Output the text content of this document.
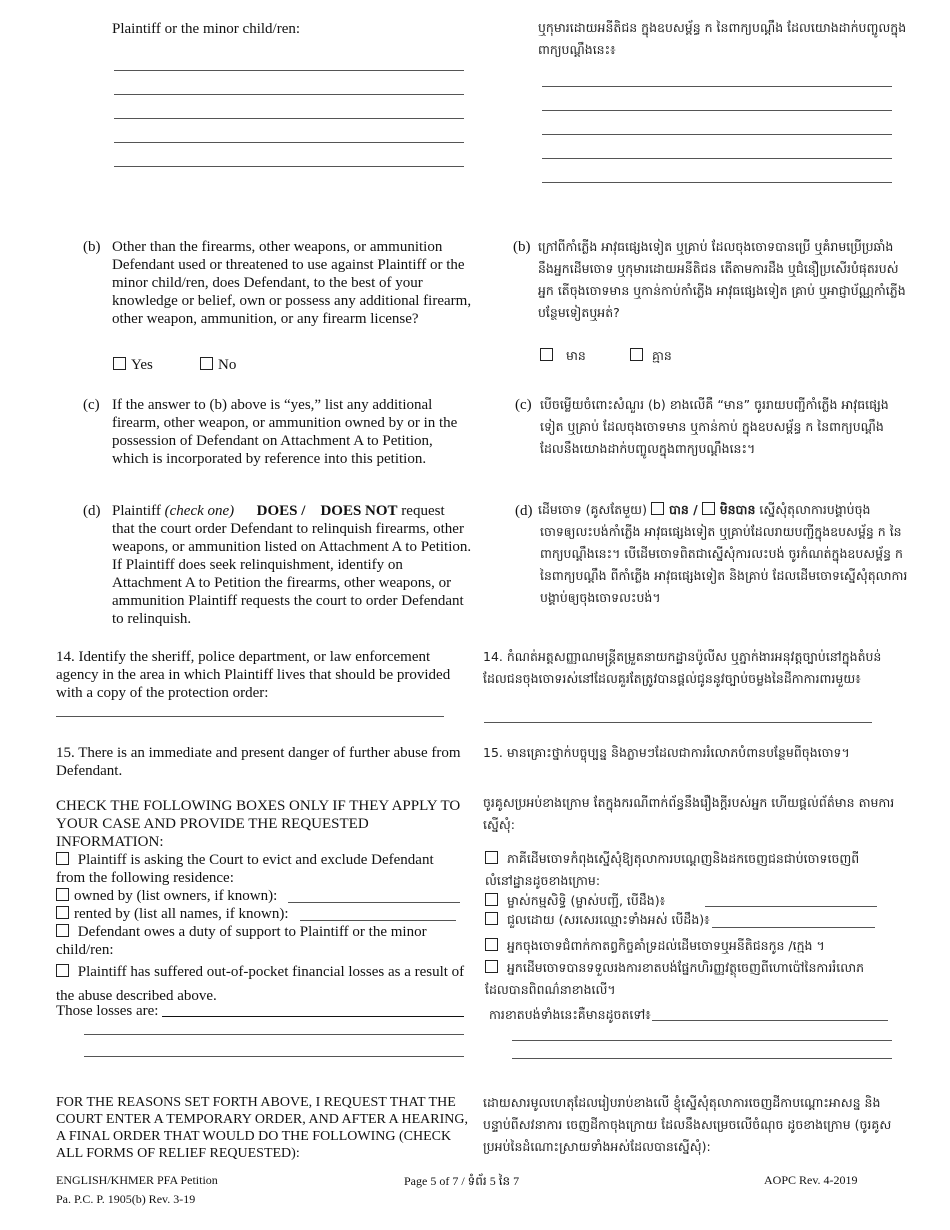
Plaintiff or the minor child/ren:	ឬកុមារដោយអនីតិជន ក្នុងឧបសម្ព័ន្ធ ក នៃពាក្យបណ្តឹង ដែលយោងដាក់បញ្ចូលក្នុងពាក្យបណ្តឹងនេះ៖
(b) Other than the firearms, other weapons, or ammunition Defendant used or threatened to use against Plaintiff or the minor child/ren, does Defendant, to the best of your knowledge or belief, own or possess any additional firearm, other weapon, ammunition, or any firearm license?
Yes	No
(b) ក្រៅពីកាំភ្លើង អាវុធផ្សេងទៀត ឬគ្រាប់ ដែលចុងចោទបានប្រើ ឬគំរាមប្រើប្រឆាំងនឹងអ្នកដើមចោទ ឬកុមារដោយអនីតិជន តើតាមការដឹង ឬជំនឿប្រសើរបំផុតរបស់អ្នក តើចុងចោទមាន ឬកាន់កាប់កាំភ្លើង អាវុធផ្សេងទៀត គ្រាប់ ឬអាជ្ញាប័ណ្ណកាំភ្លើងបន្ថែមទៀតឬអត់?
មាន	គ្មាន
(c) If the answer to (b) above is “yes,” list any additional firearm, other weapon, or ammunition owned by or in the possession of Defendant on Attachment A to Petition, which is incorporated by reference into this petition.
(c) បើចម្លើយចំពោះសំណួរ (b) ខាងលើគឺ “មាន” ចូររាយបញ្ជីកាំភ្លើង អាវុធផ្សេងទៀត ឬគ្រាប់ ដែលចុងចោទមាន ឬកាន់កាប់ ក្នុងឧបសម្ព័ន្ធ ក នៃពាក្យបណ្តឹង ដែលនឹងយោងដាក់បញ្ចូលក្នុងពាក្យបណ្តឹងនេះ។
(d) Plaintiff (check one) DOES / DOES NOT request
that the court order Defendant to relinquish firearms, other weapons, or ammunition listed on Attachment A to Petition. If Plaintiff does seek relinquishment, identify on Attachment A to Petition the firearms, other weapons, or ammunition Plaintiff requests the court to order Defendant to relinquish.
(d) ដើមចោទ (គូសតែមួយ) បាន / មិនបាន ស្នើសុំតុលាការបង្គាប់ចុង
ចោទឲ្យលះបង់កាំភ្លើង អាវុធផ្សេងទៀត ឬគ្រាប់ដែលរាយបញ្ជីក្នុងឧបសម្ព័ន្ធ ក នៃពាក្យបណ្តឹងនេះ។ បើដើមចោទពិតជាស្នើសុំការលះបង់ ចូរកំណត់ក្នុងឧបសម្ព័ន្ធ ក នៃពាក្យបណ្តឹង ពីកាំភ្លើង អាវុធផ្សេងទៀត និងគ្រាប់ ដែលដើមចោទស្នើសុំតុលាការបង្គាប់ឲ្យចុងចោទលះបង់។
14. Identify the sheriff, police department, or law enforcement agency in the area in which Plaintiff lives that should be provided with a copy of the protection order:
14. កំណត់អត្តសញ្ញាណមន្ត្រីតម្រួតនាយកដ្ឋានប៉ូលីស ឬភ្នាក់ងារអនុវត្តច្បាប់នៅក្នុងតំបន់ដែលជនចុងចោទរស់នៅដែលគួរតែត្រូវបានផ្តល់ជូននូវច្បាប់ចម្លងនៃដីកាការពារមួយ៖
15. There is an immediate and present danger of further abuse from Defendant.
15. មានគ្រោះថ្នាក់បច្ចុប្បន្ន និងភ្លាមៗដែលជាការរំលោភបំពានបន្ថែមពីចុងចោទ។
CHECK THE FOLLOWING BOXES ONLY IF THEY APPLY TO YOUR CASE AND PROVIDE THE REQUESTED INFORMATION:
Plaintiff is asking the Court to evict and exclude Defendant from the following residence:
owned by (list owners, if known):
rented by (list all names, if known):
Defendant owes a duty of support to Plaintiff or the minor child/ren:
Plaintiff has suffered out-of-pocket financial losses as a result of the abuse described above.
Those losses are:
ចូរគូសប្រអប់ខាងក្រោម តែក្នុងករណីពាក់ព័ន្ធនឹងរឿងក្តីរបស់អ្នក ហើយផ្តល់ព័ត៌មាន តាមការស្នើសុំ:
ភាគីដើមចោទកំពុងស្នើសុំឱ្យតុលាការបណ្តេញនិងដកចេញជនជាប់ចោទចេញពីលំនៅដ្ឋានដូចខាងក្រោម:
ម្ចាស់កម្មសិទ្ធិ (ម្ចាស់បញ្ជី, បើដឹង)៖
ជួលដោយ (សរសេរឈ្មោះទាំងអស់ បើដឹង)៖
អ្នកចុងចោទជំពាក់កាតព្វកិច្ចគាំទ្រដល់ដើមចោទឬអនីតិជនកូន /ក្មេង ។
អ្នកដើមចោទបានទទួលរងការខាតបង់ផ្នែកហិរញ្ញវត្ថុចេញពីហោប៉ៅនៃការរំលោភដែលបានពិពណ៌នាខាងលើ។
ការខាតបង់ទាំងនេះគឺមានដូចតទៅ៖
FOR THE REASONS SET FORTH ABOVE, I REQUEST THAT THE COURT ENTER A TEMPORARY ORDER, AND AFTER A HEARING, A FINAL ORDER THAT WOULD DO THE FOLLOWING (CHECK ALL FORMS OF RELIEF REQUESTED):
ដោយសារមូលហេតុដែលរៀបរាប់ខាងលើ ខ្ញុំស្នើសុំតុលាការចេញដីកាបណ្តោះអាសន្ន និងបន្ទាប់ពីសវនាការ ចេញដីកាចុងក្រោយ ដែលនឹងសម្រេចលើចំណុច ដូចខាងក្រោម (ចូរគូសប្រអប់នៃដំណោះស្រាយទាំងអស់ដែលបានស្នើសុំ):
ENGLISH/KHMER PFA Petition
Pa. P.C. P. 1905(b) Rev. 3-19
Page 5 of 7 / ទំព័រ 5 នៃ 7	AOPC Rev. 4-2019
